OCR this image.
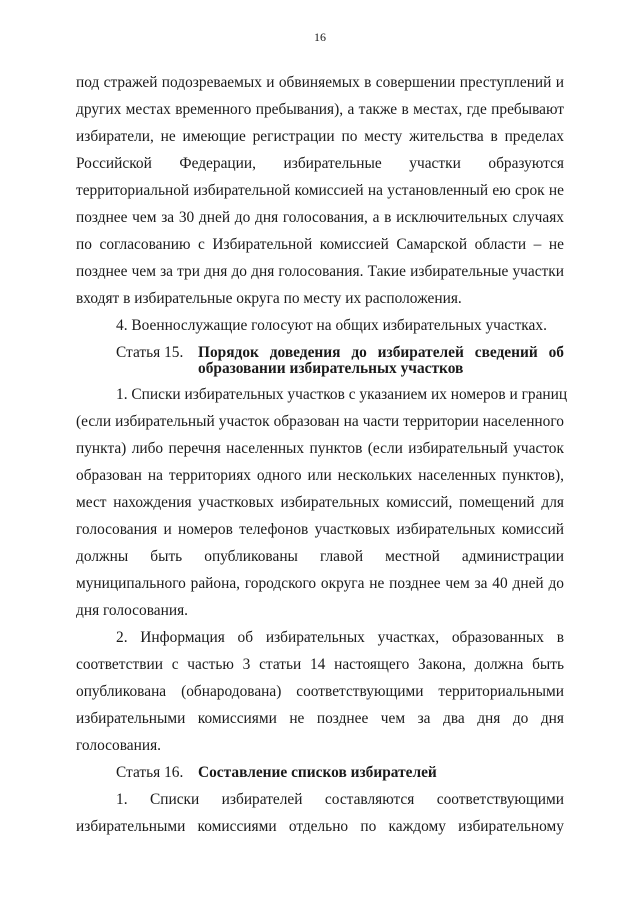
16
под стражей подозреваемых и обвиняемых в совершении преступлений и
других местах временного пребывания), а также в местах, где пребывают
избиратели, не имеющие регистрации по месту жительства в пределах
Российской Федерации, избирательные участки образуются
территориальной избирательной комиссией на установленный ею срок не
позднее чем за 30 дней до дня голосования, а в исключительных случаях
по согласованию с Избирательной комиссией Самарской области – не
позднее чем за три дня до дня голосования. Такие избирательные участки
входят в избирательные округа по месту их расположения.
4. Военнослужащие голосуют на общих избирательных участках.
Статья 15. Порядок доведения до избирателей сведений об
образовании избирательных участков
1. Списки избирательных участков с указанием их номеров и границ
(если избирательный участок образован на части территории населенного
пункта) либо перечня населенных пунктов (если избирательный участок
образован на территориях одного или нескольких населенных пунктов),
мест нахождения участковых избирательных комиссий, помещений для
голосования и номеров телефонов участковых избирательных комиссий
должны быть опубликованы главой местной администрации
муниципального района, городского округа не позднее чем за 40 дней до
дня голосования.
2. Информация об избирательных участках, образованных в
соответствии с частью 3 статьи 14 настоящего Закона, должна быть
опубликована (обнародована) соответствующими территориальными
избирательными комиссиями не позднее чем за два дня до дня
голосования.
Статья 16. Составление списков избирателей
1. Списки избирателей составляются соответствующими
избирательными комиссиями отдельно по каждому избирательному
